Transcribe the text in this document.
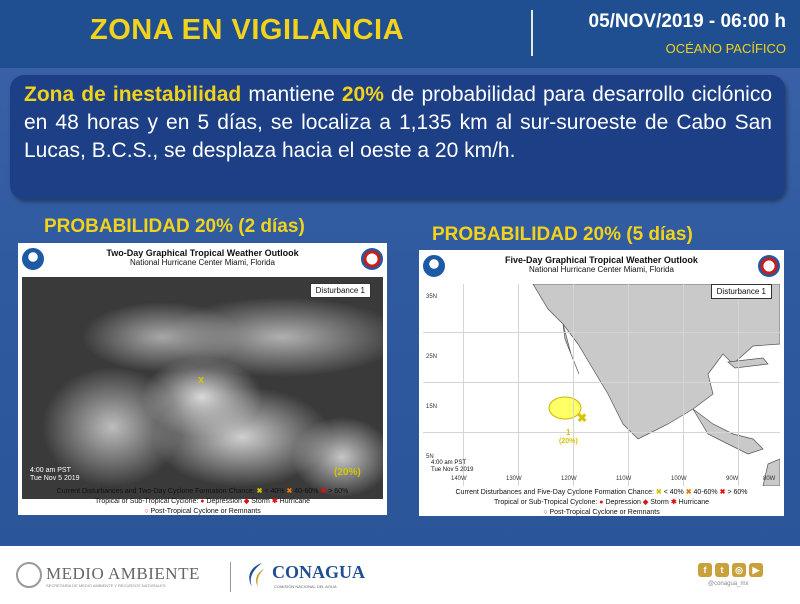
ZONA EN VIGILANCIA	05/NOV/2019 - 06:00 h
OCÉANO PACÍFICO

Zona de inestabilidad mantiene 20% de probabilidad para desarrollo ciclónico en 48 horas y en 5 días, se localiza a 1,135 km al sur-suroeste de Cabo San Lucas, B.C.S., se desplaza hacia el oeste a 20 km/h.

PROBABILIDAD 20% (2 días)
Two-Day Graphical Tropical Weather Outlook
National Hurricane Center Miami, Florida
Disturbance 1
x
(20%)
4:00 am PST
Tue Nov 5 2019
Current Disturbances and Two-Day Cyclone Formation Chance: ✖ < 40% ✖ 40-60% ✖ > 60%
Tropical or Sub-Tropical Cyclone: ● Depression ◆ Storm ✱ Hurricane
○ Post-Tropical Cyclone or Remnants
PROBABILIDAD 20% (5 días)
Five-Day Graphical Tropical Weather Outlook
National Hurricane Center Miami, Florida
35N
25N
15N
5N
140W	130W	120W	110W	100W	90W	80W
Disturbance 1
✖
1
(20%)
4:00 am PST
Tue Nov 5 2019
Current Disturbances and Five-Day Cyclone Formation Chance: ✖ < 40% ✖ 40-60% ✖ > 60%
Tropical or Sub-Tropical Cyclone: ● Depression ◆ Storm ✱ Hurricane
○ Post-Tropical Cyclone or Remnants
MEDIO AMBIENTE
SECRETARÍA DE MEDIO AMBIENTE Y RECURSOS NATURALES
CONAGUA
COMISIÓN NACIONAL DEL AGUA
f	t	◎	▶
@conagua_mx
